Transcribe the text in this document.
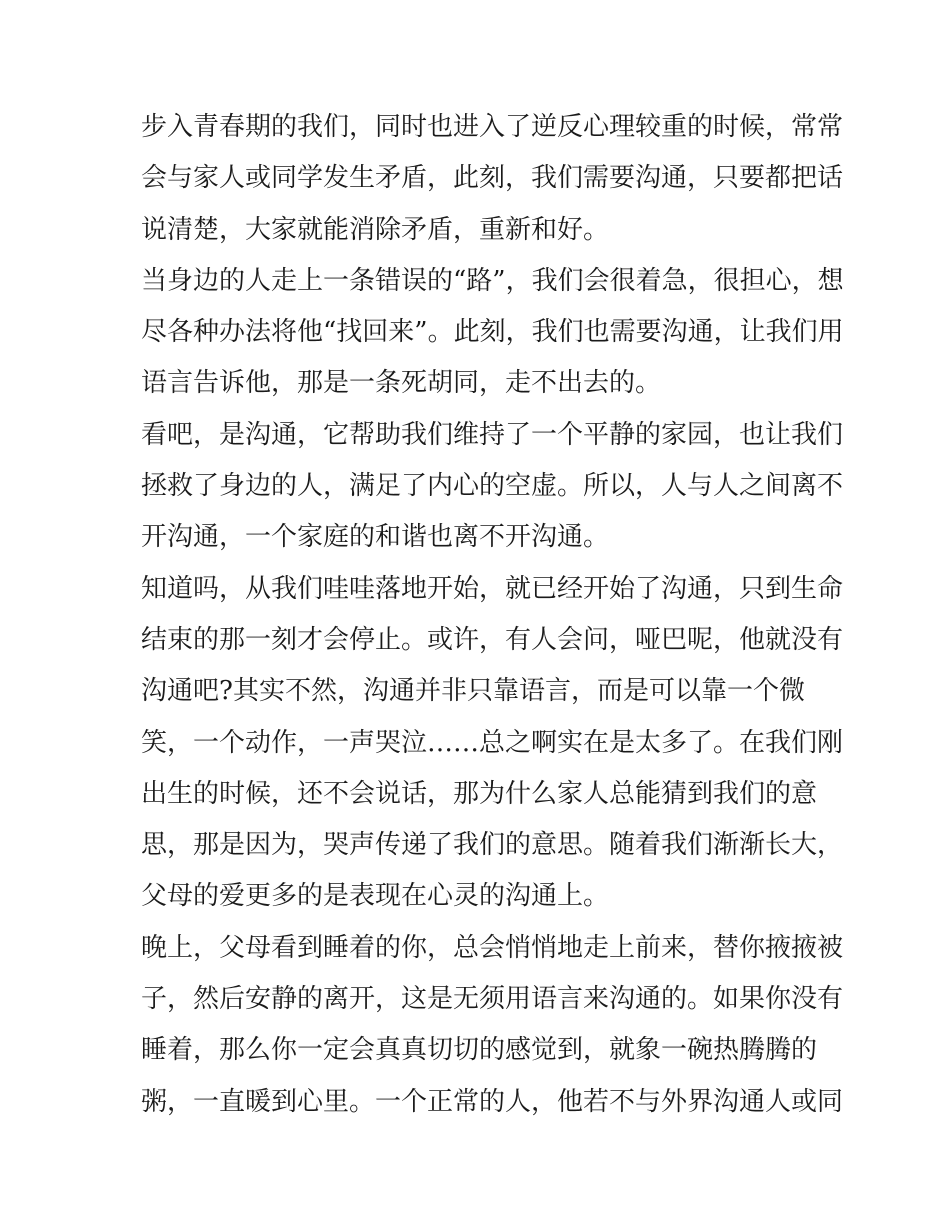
步入青春期的我们，同时也进入了逆反心理较重的时候，常常
会与家人或同学发生矛盾，此刻，我们需要沟通，只要都把话
说清楚，大家就能消除矛盾，重新和好。
当身边的人走上一条错误的“路”，我们会很着急，很担心，想
尽各种办法将他“找回来”。此刻，我们也需要沟通，让我们用
语言告诉他，那是一条死胡同，走不出去的。
看吧，是沟通，它帮助我们维持了一个平静的家园，也让我们
拯救了身边的人，满足了内心的空虚。所以，人与人之间离不
开沟通，一个家庭的和谐也离不开沟通。
知道吗，从我们哇哇落地开始，就已经开始了沟通，只到生命
结束的那一刻才会停止。或许，有人会问，哑巴呢，他就没有
沟通吧?其实不然，沟通并非只靠语言，而是可以靠一个微
笑，一个动作，一声哭泣……总之啊实在是太多了。在我们刚
出生的时候，还不会说话，那为什么家人总能猜到我们的意
思，那是因为，哭声传递了我们的意思。随着我们渐渐长大，
父母的爱更多的是表现在心灵的沟通上。
晚上，父母看到睡着的你，总会悄悄地走上前来，替你掖掖被
子，然后安静的离开，这是无须用语言来沟通的。如果你没有
睡着，那么你一定会真真切切的感觉到，就象一碗热腾腾的
粥，一直暖到心里。一个正常的人，他若不与外界沟通人或同
